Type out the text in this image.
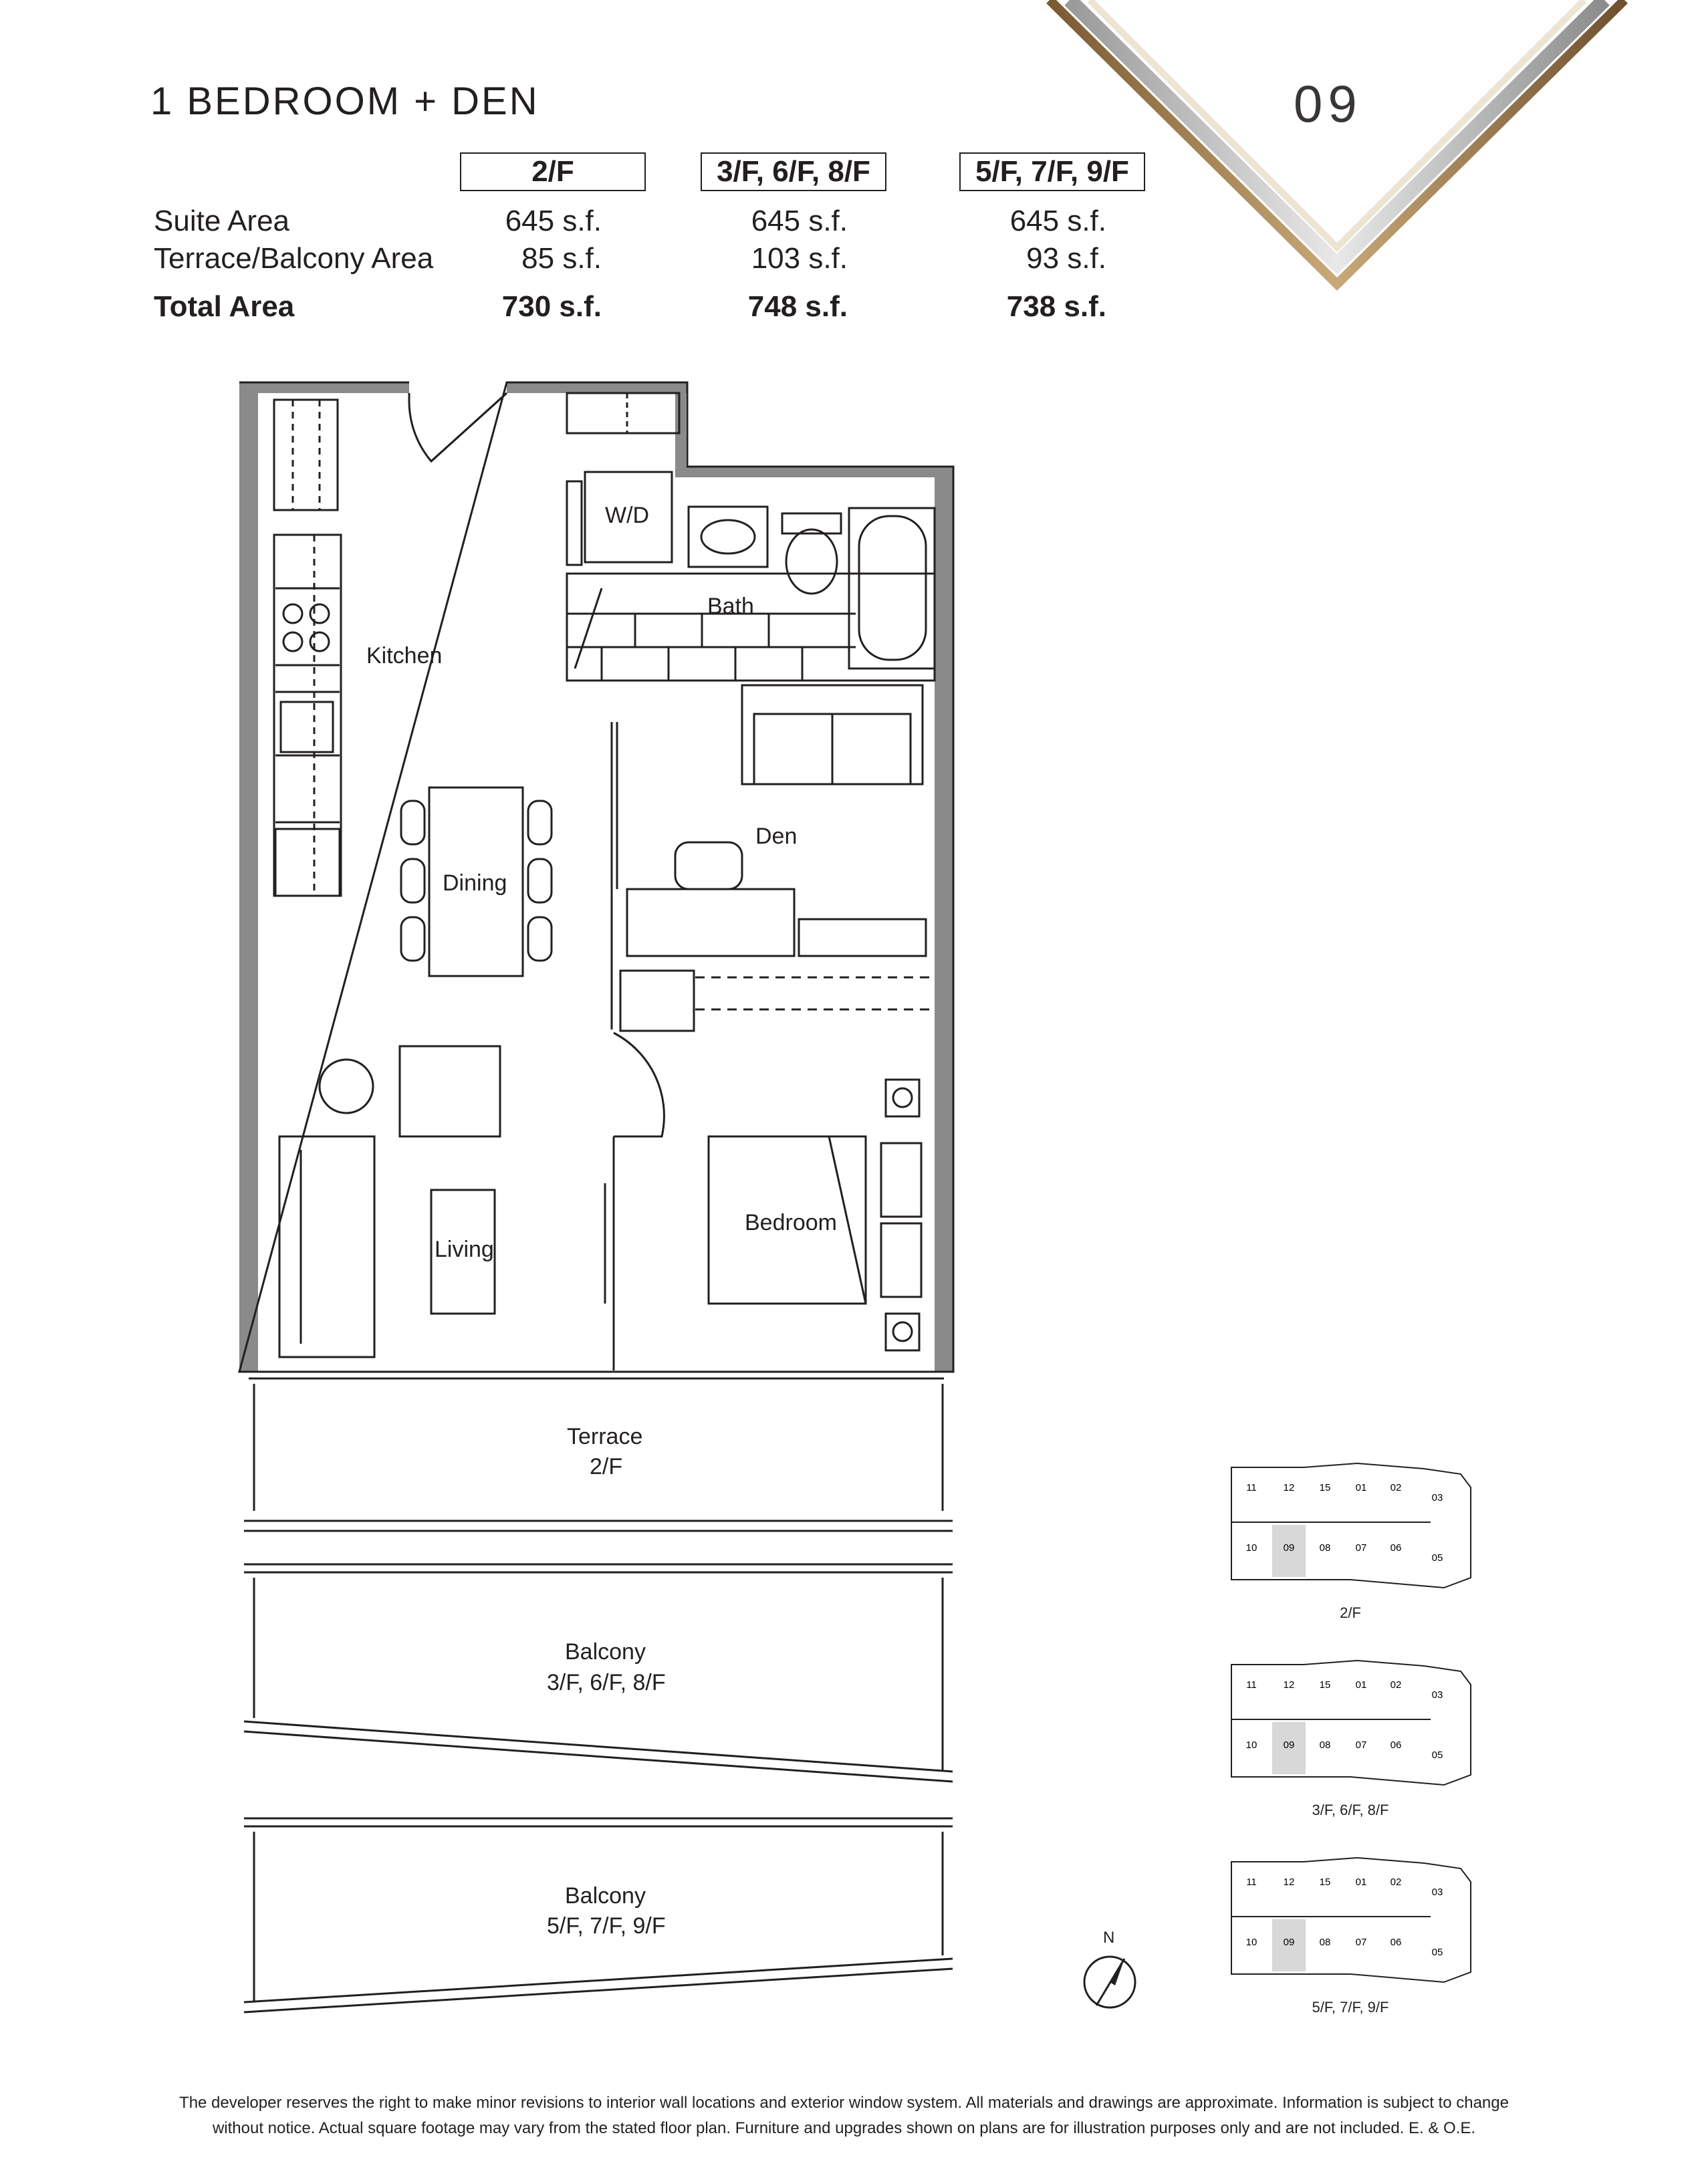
1 BEDROOM + DEN	09
2/F	3/F, 6/F, 8/F	5/F, 7/F, 9/F
Suite Area	645 s.f.	645 s.f.	645 s.f.
Terrace/Balcony Area	85 s.f.	103 s.f.	93 s.f.
Total Area	730 s.f.	748 s.f.	738 s.f.
W/D
Bath
Kitchen
Den
Dining
Bedroom
Living
Terrace
2/F
Balcony
3/F, 6/F, 8/F
Balcony
5/F, 7/F, 9/F	N
11	12 15 01 02
03
10	09 08 07 06
05
2/F
11	12 15 01 02
03
10	09 08 07 06
05
3/F, 6/F, 8/F
11	12 15 01 02
03
10	09 08 07 06
05
5/F, 7/F, 9/F
The developer reserves the right to make minor revisions to interior wall locations and exterior window system. All materials and drawings are approximate. Information is subject to change
without notice. Actual square footage may vary from the stated floor plan. Furniture and upgrades shown on plans are for illustration purposes only and are not included. E. & O.E.
